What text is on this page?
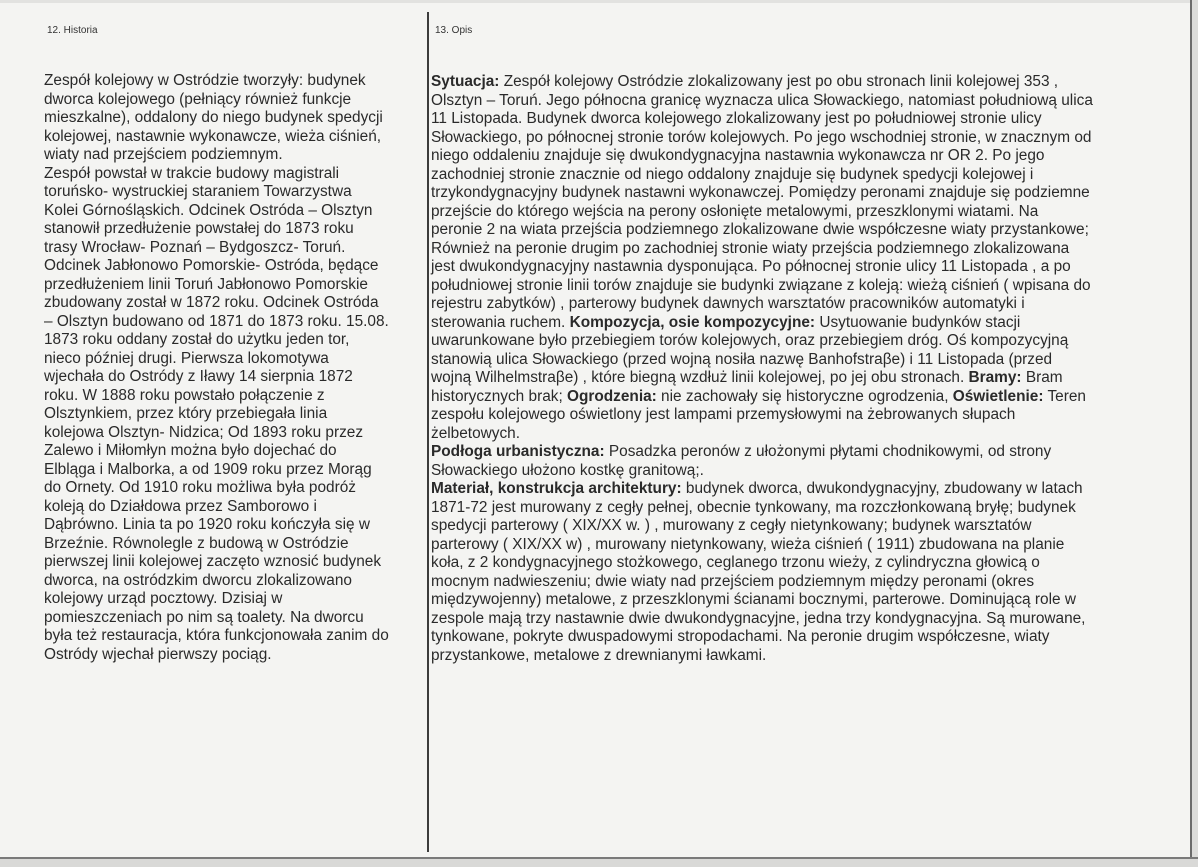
12. Historia	13. Opis
Zespół kolejowy w Ostródzie tworzyły: budynek
dworca kolejowego (pełniący również funkcje
mieszkalne), oddalony do niego budynek spedycji
kolejowej, nastawnie wykonawcze, wieża ciśnień,
wiaty nad przejściem podziemnym.
Zespół powstał w trakcie budowy magistrali
toruńsko- wystruckiej staraniem Towarzystwa
Kolei Górnośląskich. Odcinek Ostróda – Olsztyn
stanowił przedłużenie powstałej do 1873 roku
trasy Wrocław- Poznań – Bydgoszcz- Toruń.
Odcinek Jabłonowo Pomorskie- Ostróda, będące
przedłużeniem linii Toruń Jabłonowo Pomorskie
zbudowany został w 1872 roku. Odcinek Ostróda
– Olsztyn budowano od 1871 do 1873 roku. 15.08.
1873 roku oddany został do użytku jeden tor,
nieco później drugi. Pierwsza lokomotywa
wjechała do Ostródy z Iławy 14 sierpnia 1872
roku. W 1888 roku powstało połączenie z
Olsztynkiem, przez który przebiegała linia
kolejowa Olsztyn- Nidzica; Od 1893 roku przez
Zalewo i Miłomłyn można było dojechać do
Elbląga i Malborka, a od 1909 roku przez Morąg
do Ornety. Od 1910 roku możliwa była podróż
koleją do Działdowa przez Samborowo i
Dąbrówno. Linia ta po 1920 roku kończyła się w
Brzeźnie. Równolegle z budową w Ostródzie
pierwszej linii kolejowej zaczęto wznosić budynek
dworca, na ostródzkim dworcu zlokalizowano
kolejowy urząd pocztowy. Dzisiaj w
pomieszczeniach po nim są toalety. Na dworcu
była też restauracja, która funkcjonowała zanim do
Ostródy wjechał pierwszy pociąg.
Sytuacja: Zespół kolejowy Ostródzie zlokalizowany jest po obu stronach linii kolejowej 353 ,
Olsztyn – Toruń. Jego północna granicę wyznacza ulica Słowackiego, natomiast południową ulica
11 Listopada. Budynek dworca kolejowego zlokalizowany jest po południowej stronie ulicy
Słowackiego, po północnej stronie torów kolejowych. Po jego wschodniej stronie, w znacznym od
niego oddaleniu znajduje się dwukondygnacyjna nastawnia wykonawcza nr OR 2. Po jego
zachodniej stronie znacznie od niego oddalony znajduje się budynek spedycji kolejowej i
trzykondygnacyjny budynek nastawni wykonawczej. Pomiędzy peronami znajduje się podziemne
przejście do którego wejścia na perony osłonięte metalowymi, przeszklonymi wiatami. Na
peronie 2 na wiata przejścia podziemnego zlokalizowane dwie współczesne wiaty przystankowe;
Również na peronie drugim po zachodniej stronie wiaty przejścia podziemnego zlokalizowana
jest dwukondygnacyjny nastawnia dysponująca. Po północnej stronie ulicy 11 Listopada , a po
południowej stronie linii torów znajduje sie budynki związane z koleją: wieżą ciśnień ( wpisana do
rejestru zabytków) , parterowy budynek dawnych warsztatów pracowników automatyki i
sterowania ruchem. Kompozycja, osie kompozycyjne: Usytuowanie budynków stacji
uwarunkowane było przebiegiem torów kolejowych, oraz przebiegiem dróg. Oś kompozycyjną
stanowią ulica Słowackiego (przed wojną nosiła nazwę Banhofstraβe) i 11 Listopada (przed
wojną Wilhelmstraβe) , które biegną wzdłuż linii kolejowej, po jej obu stronach. Bramy: Bram
historycznych brak; Ogrodzenia: nie zachowały się historyczne ogrodzenia, Oświetlenie: Teren
zespołu kolejowego oświetlony jest lampami przemysłowymi na żebrowanych słupach
żelbetowych.
Podłoga urbanistyczna: Posadzka peronów z ułożonymi płytami chodnikowymi, od strony
Słowackiego ułożono kostkę granitową;.
Materiał, konstrukcja architektury: budynek dworca, dwukondygnacyjny, zbudowany w latach
1871-72 jest murowany z cegły pełnej, obecnie tynkowany, ma rozczłonkowaną bryłę; budynek
spedycji parterowy ( XIX/XX w. ) , murowany z cegły nietynkowany; budynek warsztatów
parterowy ( XIX/XX w) , murowany nietynkowany, wieża ciśnień ( 1911) zbudowana na planie
koła, z 2 kondygnacyjnego stożkowego, ceglanego trzonu wieży, z cylindryczna głowicą o
mocnym nadwieszeniu; dwie wiaty nad przejściem podziemnym między peronami (okres
międzywojenny) metalowe, z przeszklonymi ścianami bocznymi, parterowe. Dominującą role w
zespole mają trzy nastawnie dwie dwukondygnacyjne, jedna trzy kondygnacyjna. Są murowane,
tynkowane, pokryte dwuspadowymi stropodachami. Na peronie drugim współczesne, wiaty
przystankowe, metalowe z drewnianymi ławkami.
